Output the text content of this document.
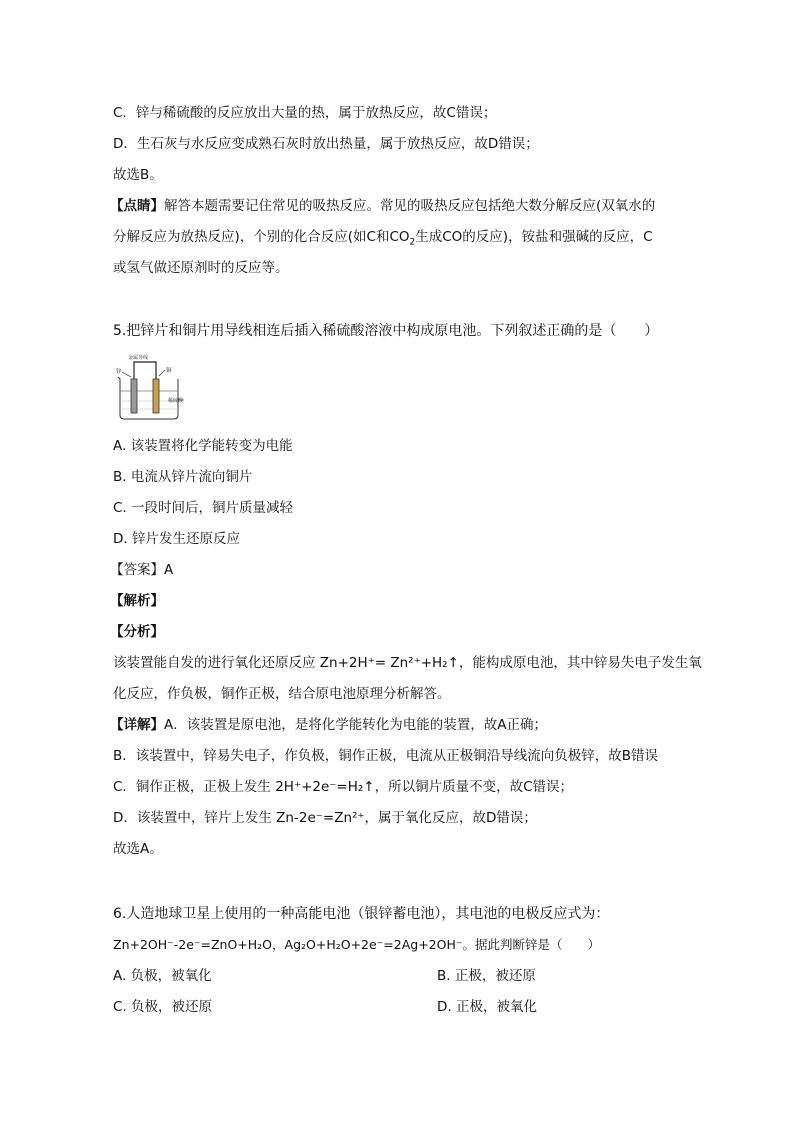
C．锌与稀硫酸的反应放出大量的热，属于放热反应，故C错误；
D．生石灰与水反应变成熟石灰时放出热量，属于放热反应，故D错误；
故选B。
【点睛】解答本题需要记住常见的吸热反应。常见的吸热反应包括绝大数分解反应(双氧水的
分解反应为放热反应)，个别的化合反应(如C和$CO_2$生成CO的反应)，铵盐和强碱的反应，C
或氢气做还原剂时的反应等。
5.把锌片和铜片用导线相连后插入稀硫酸溶液中构成原电池。下列叙述正确的是（　　）
金属导线
锌	铜
稀硫酸
A. 该装置将化学能转变为电能
B. 电流从锌片流向铜片
C. 一段时间后，铜片质量减轻
D. 锌片发生还原反应
【答案】A
【解析】
【分析】
该装置能自发的进行氧化还原反应 Zn+2H⁺= Zn²⁺+H₂↑，能构成原电池，其中锌易失电子发生氧
化反应，作负极，铜作正极，结合原电池原理分析解答。
【详解】A．该装置是原电池，是将化学能转化为电能的装置，故A正确；
B．该装置中，锌易失电子，作负极，铜作正极，电流从正极铜沿导线流向负极锌，故B错误
C．铜作正极，正极上发生 2H⁺+2e⁻=H₂↑，所以铜片质量不变，故C错误；
D．该装置中，锌片上发生 Zn-2e⁻=Zn²⁺，属于氧化反应，故D错误；
故选A。
6.人造地球卫星上使用的一种高能电池（银锌蓄电池），其电池的电极反应式为：
Zn+2OH⁻-2e⁻=ZnO+H₂O，Ag₂O+H₂O+2e⁻=2Ag+2OH⁻。据此判断锌是（　　）
A. 负极，被氧化	B. 正极，被还原
C. 负极，被还原	D. 正极，被氧化
